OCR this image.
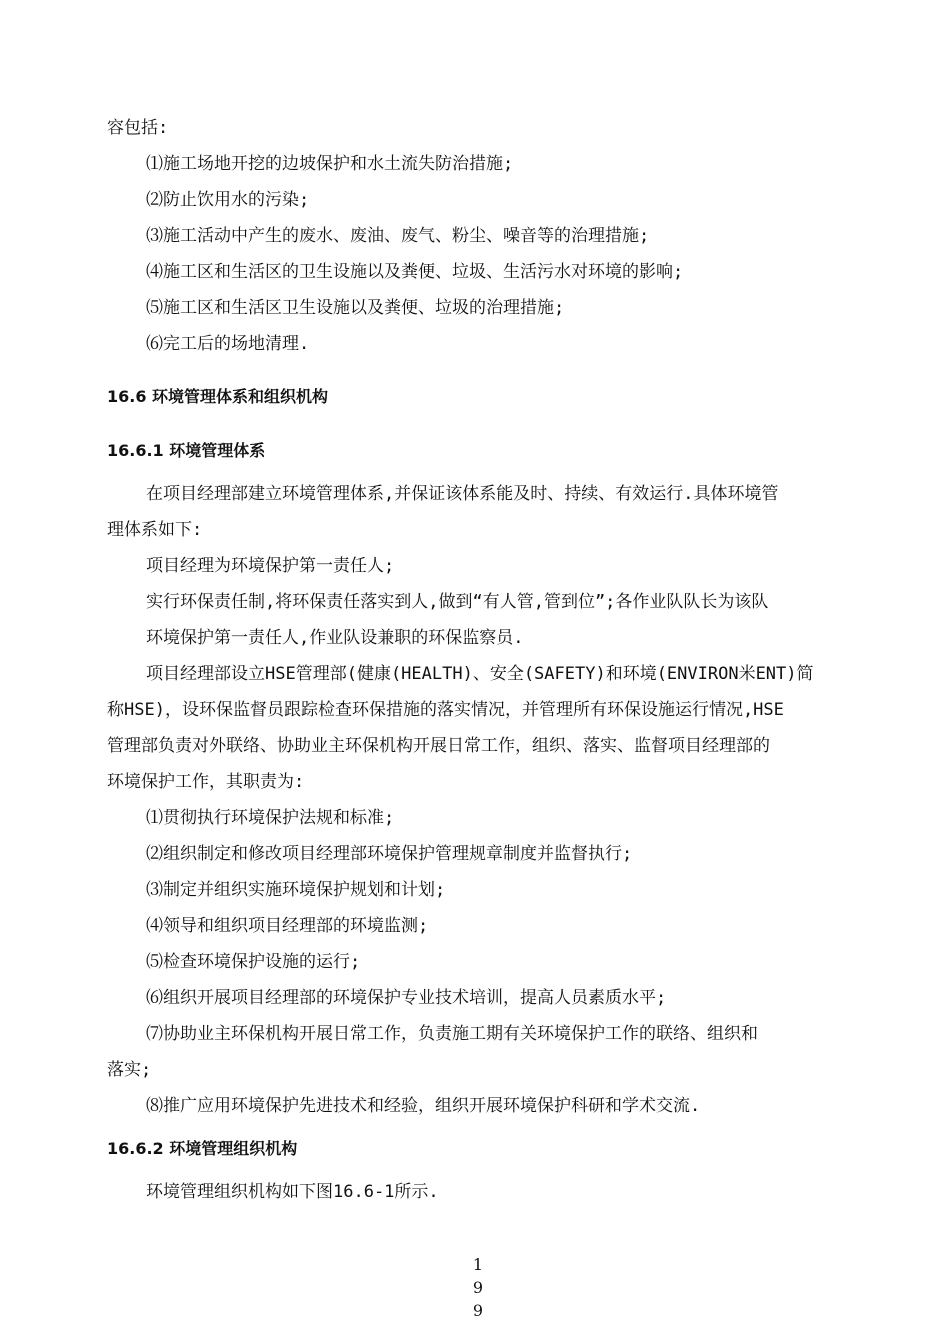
容包括:
⑴施工场地开挖的边坡保护和水土流失防治措施;
⑵防止饮用水的污染;
⑶施工活动中产生的废水、废油、废气、粉尘、噪音等的治理措施;
⑷施工区和生活区的卫生设施以及粪便、垃圾、生活污水对环境的影响;
⑸施工区和生活区卫生设施以及粪便、垃圾的治理措施;
⑹完工后的场地清理.
16.6 环境管理体系和组织机构
16.6.1 环境管理体系
在项目经理部建立环境管理体系,并保证该体系能及时、持续、有效运行.具体环境管
理体系如下:
项目经理为环境保护第一责任人;
实行环保责任制,将环保责任落实到人,做到“有人管,管到位”;各作业队队长为该队
环境保护第一责任人,作业队设兼职的环保监察员.
项目经理部设立HSE管理部(健康(HEALTH)、安全(SAFETY)和环境(ENVIRON米ENT)简
称HSE)，设环保监督员跟踪检查环保措施的落实情况，并管理所有环保设施运行情况,HSE
管理部负责对外联络、协助业主环保机构开展日常工作，组织、落实、监督项目经理部的
环境保护工作，其职责为:
⑴贯彻执行环境保护法规和标准;
⑵组织制定和修改项目经理部环境保护管理规章制度并监督执行;
⑶制定并组织实施环境保护规划和计划;
⑷领导和组织项目经理部的环境监测;
⑸检查环境保护设施的运行;
⑹组织开展项目经理部的环境保护专业技术培训，提高人员素质水平;
⑺协助业主环保机构开展日常工作，负责施工期有关环境保护工作的联络、组织和
落实;
⑻推广应用环境保护先进技术和经验，组织开展环境保护科研和学术交流.
16.6.2 环境管理组织机构
环境管理组织机构如下图16.6-1所示.
1
9
9
